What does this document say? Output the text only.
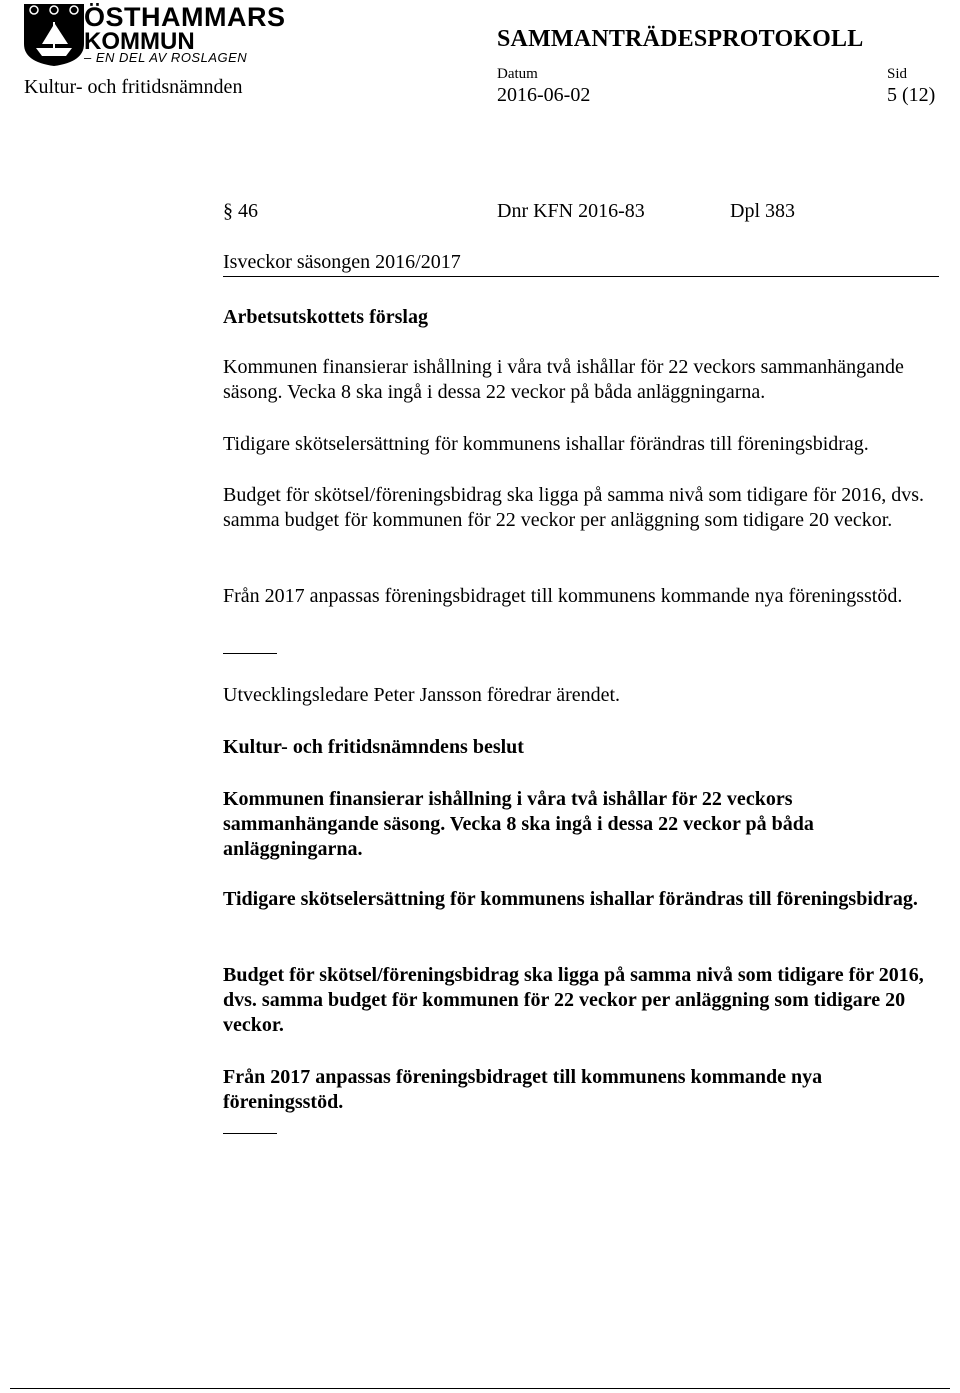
ÖSTHAMMARS
KOMMUN
– EN DEL AV ROSLAGEN
Kultur- och fritidsnämnden
SAMMANTRÄDESPROTOKOLL
Datum
2016-06-02
Sid
5 (12)
§ 46	Dnr KFN 2016-83	Dpl 383
Isveckor säsongen 2016/2017

Arbetsutskottets förslag

Kommunen finansierar ishållning i våra två ishållar för 22 veckors sammanhängande säsong. Vecka 8 ska ingå i dessa 22 veckor på båda anläggningarna.

Tidigare skötselersättning för kommunens ishallar förändras till föreningsbidrag.

Budget för skötsel/föreningsbidrag ska ligga på samma nivå som tidigare för 2016, dvs. samma budget för kommunen för 22 veckor per anläggning som tidigare 20 veckor.

Från 2017 anpassas föreningsbidraget till kommunens kommande nya föreningsstöd.

Utvecklingsledare Peter Jansson föredrar ärendet.

Kultur- och fritidsnämndens beslut

Kommunen finansierar ishållning i våra två ishållar för 22 veckors sammanhängande säsong. Vecka 8 ska ingå i dessa 22 veckor på båda anläggningarna.

Tidigare skötselersättning för kommunens ishallar förändras till föreningsbidrag.

Budget för skötsel/föreningsbidrag ska ligga på samma nivå som tidigare för 2016, dvs. samma budget för kommunen för 22 veckor per anläggning som tidigare 20 veckor.

Från 2017 anpassas föreningsbidraget till kommunens kommande nya föreningsstöd.
